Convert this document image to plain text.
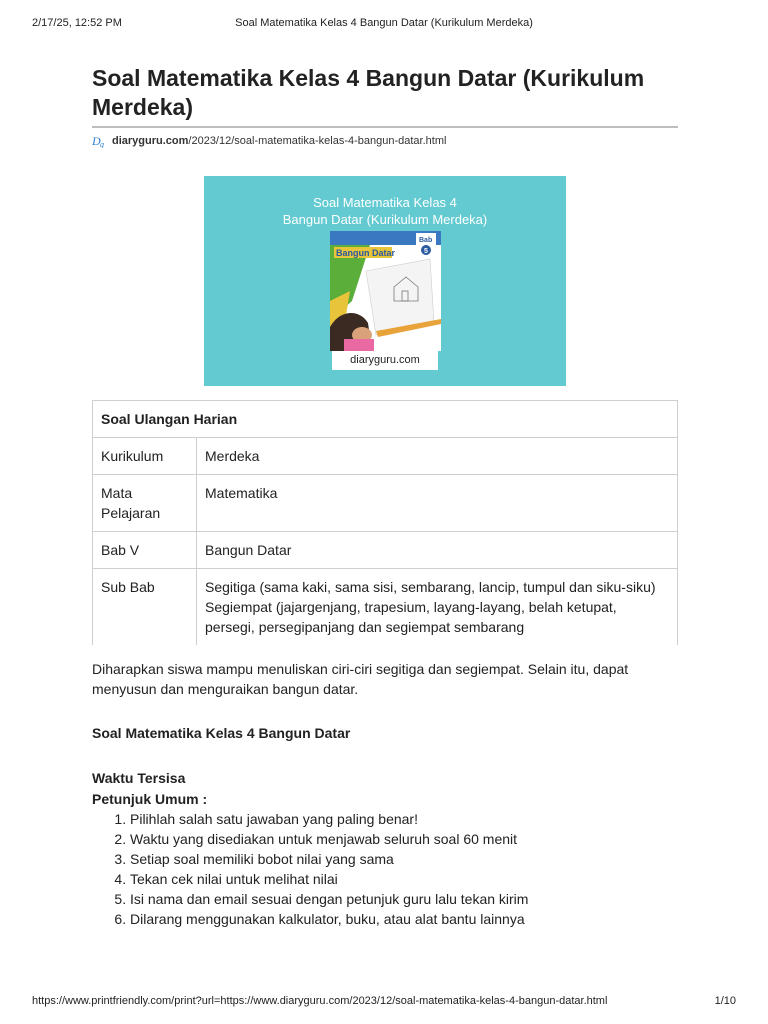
2/17/25, 12:52 PM	Soal Matematika Kelas 4 Bangun Datar (Kurikulum Merdeka)
Soal Matematika Kelas 4 Bangun Datar (Kurikulum Merdeka)
D g diaryguru.com/2023/12/soal-matematika-kelas-4-bangun-datar.html
Soal Matematika Kelas 4
Bangun Datar (Kurikulum Merdeka)
Bangun Datar
Bab
5
diaryguru.com
Soal Ulangan Harian	
Kurikulum	Merdeka
Mata Pelajaran	Matematika
Bab V	Bangun Datar
Sub Bab	Segitiga (sama kaki, sama sisi, sembarang, lancip, tumpul dan siku-siku)
Segiempat (jajargenjang, trapesium, layang-layang, belah ketupat, persegi, persegipanjang dan segiempat sembarang

Diharapkan siswa mampu menuliskan ciri-ciri segitiga dan segiempat. Selain itu, dapat menyusun dan menguraikan bangun datar.

Soal Matematika Kelas 4 Bangun Datar
Waktu Tersisa
Petunjuk Umum :
1. Pilihlah salah satu jawaban yang paling benar!
2. Waktu yang disediakan untuk menjawab seluruh soal 60 menit
3. Setiap soal memiliki bobot nilai yang sama
4. Tekan cek nilai untuk melihat nilai
5. Isi nama dan email sesuai dengan petunjuk guru lalu tekan kirim
6. Dilarang menggunakan kalkulator, buku, atau alat bantu lainnya
https://www.printfriendly.com/print?url=https://www.diaryguru.com/2023/12/soal-matematika-kelas-4-bangun-datar.html	1/10
